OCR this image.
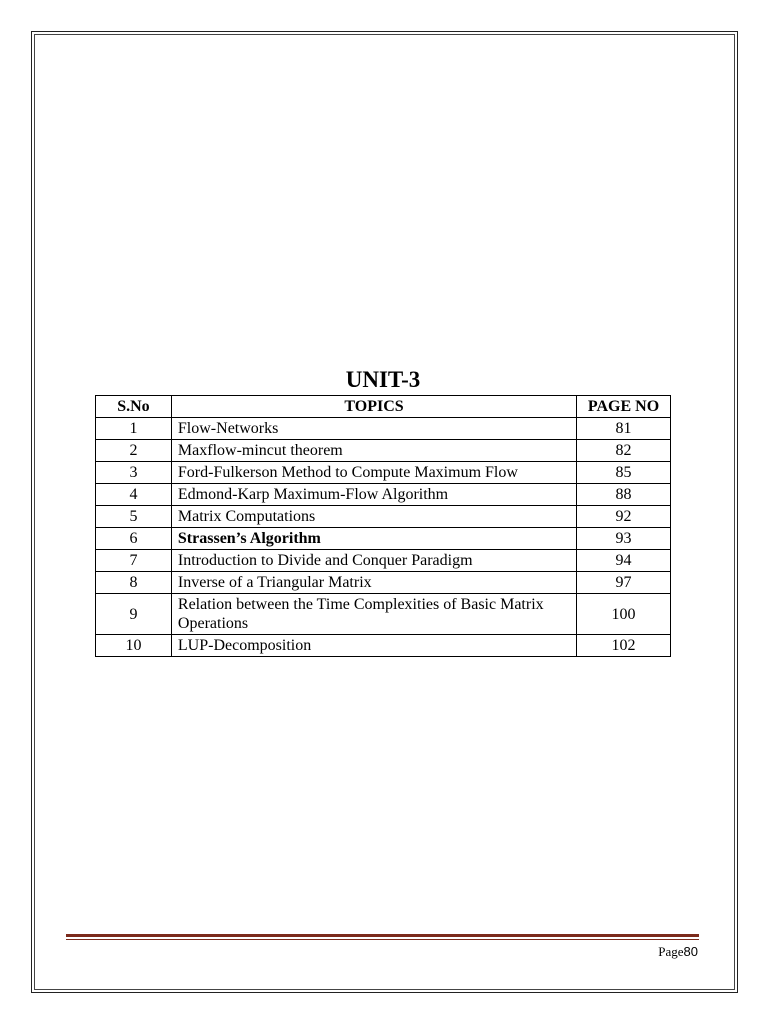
UNIT-3
S.No	TOPICS	PAGE NO
1	Flow-Networks	81
2	Maxflow-mincut theorem	82
3	Ford-Fulkerson Method to Compute Maximum Flow	85
4	Edmond-Karp Maximum-Flow Algorithm	88
5	Matrix Computations	92
6	Strassen’s Algorithm	93
7	Introduction to Divide and Conquer Paradigm	94
8	Inverse of a Triangular Matrix	97
9	Relation between the Time Complexities of Basic Matrix Operations	100
10	LUP-Decomposition	102
Page80
